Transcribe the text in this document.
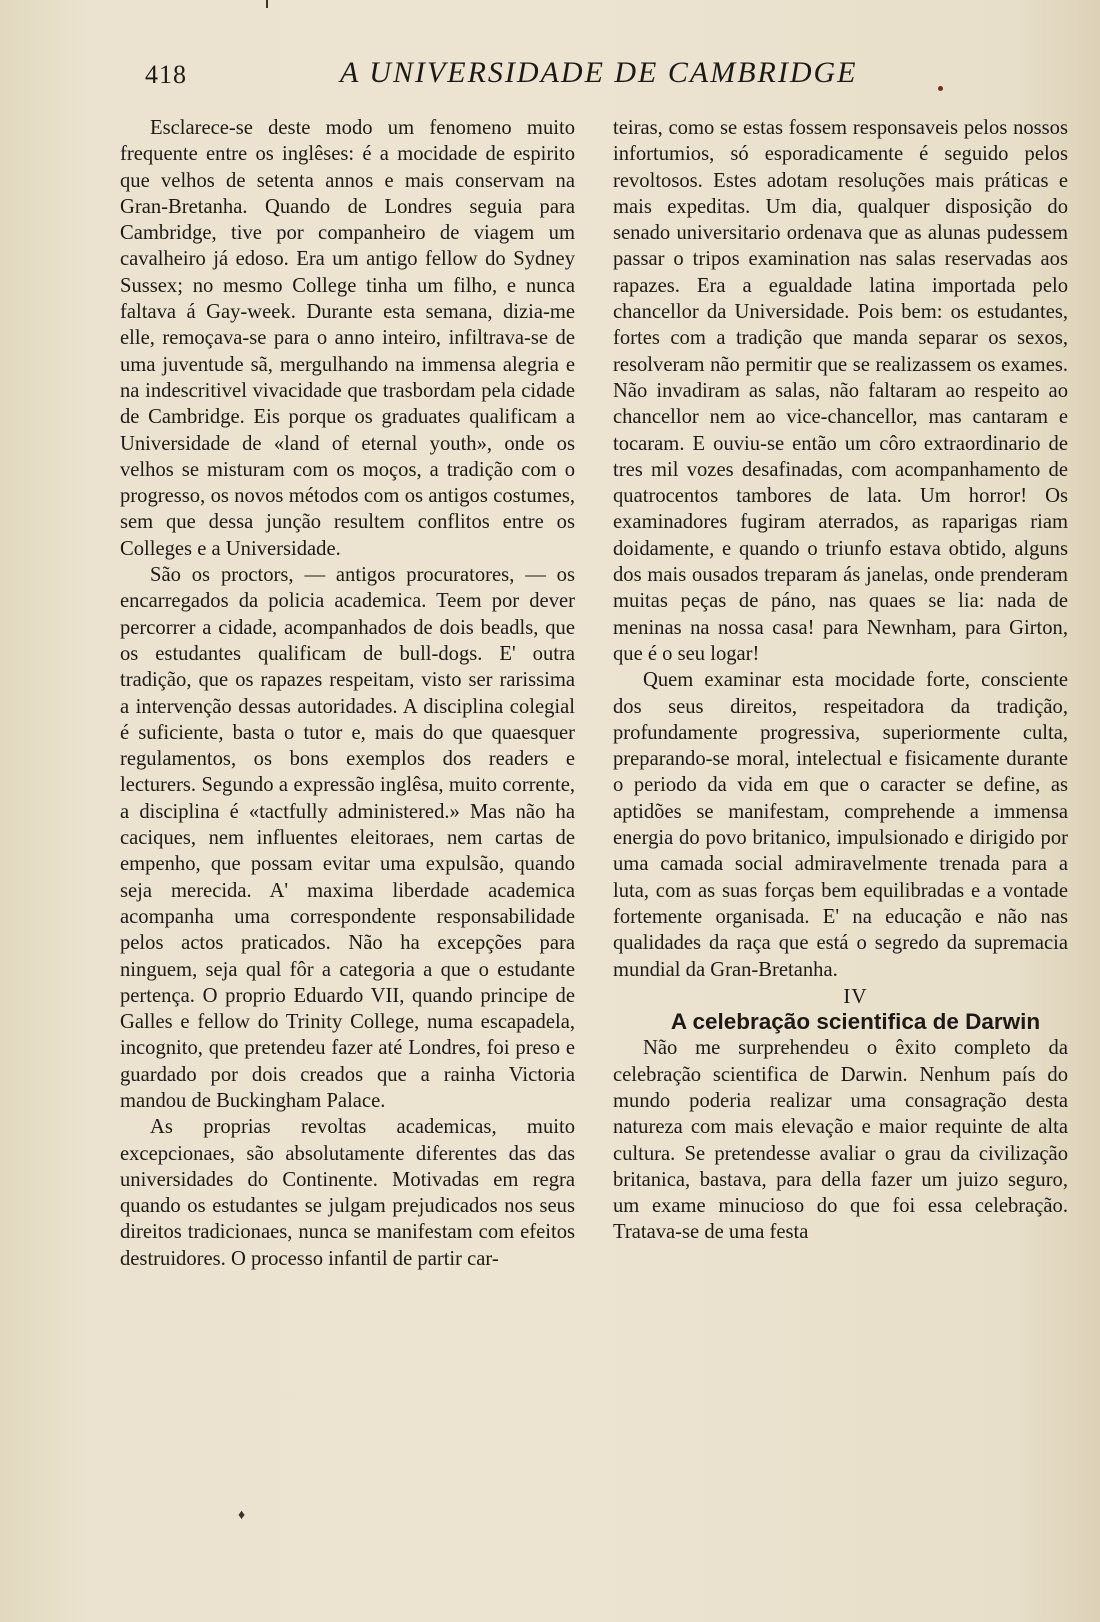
418	A UNIVERSIDADE DE CAMBRIDGE

Esclarece-se deste modo um fenomeno muito frequente entre os inglêses: é a mocidade de espirito que velhos de setenta annos e mais conservam na Gran-Bretanha. Quando de Londres seguia para Cambridge, tive por companheiro de viagem um cavalheiro já edoso. Era um antigo fellow do Sydney Sussex; no mesmo College tinha um filho, e nunca faltava á Gay-week. Durante esta semana, dizia-me elle, remoçava-se para o anno inteiro, infiltrava-se de uma juventude sã, mergulhando na immensa alegria e na indescritivel vivacidade que trasbordam pela cidade de Cambridge. Eis porque os graduates qualificam a Universidade de «land of eternal youth», onde os velhos se misturam com os moços, a tradição com o progresso, os novos métodos com os antigos costumes, sem que dessa junção resultem conflitos entre os Colleges e a Universidade.

São os proctors, — antigos procuratores, — os encarregados da policia academica. Teem por dever percorrer a cidade, acompanhados de dois beadls, que os estudantes qualificam de bull-dogs. E' outra tradição, que os rapazes respeitam, visto ser rarissima a intervenção dessas autoridades. A disciplina colegial é suficiente, basta o tutor e, mais do que quaesquer regulamentos, os bons exemplos dos readers e lecturers. Segundo a expressão inglêsa, muito corrente, a disciplina é «tactfully administered.» Mas não ha caciques, nem influentes eleitoraes, nem cartas de empenho, que possam evitar uma expulsão, quando seja merecida. A' maxima liberdade academica acompanha uma correspondente responsabilidade pelos actos praticados. Não ha excepções para ninguem, seja qual fôr a categoria a que o estudante pertença. O proprio Eduardo VII, quando principe de Galles e fellow do Trinity College, numa escapadela, incognito, que pretendeu fazer até Londres, foi preso e guardado por dois creados que a rainha Victoria mandou de Buckingham Palace.

As proprias revoltas academicas, muito excepcionaes, são absolutamente diferentes das das universidades do Continente. Motivadas em regra quando os estudantes se julgam prejudicados nos seus direitos tradicionaes, nunca se manifestam com efeitos destruidores. O processo infantil de partir car-

teiras, como se estas fossem responsaveis pelos nossos infortumios, só esporadicamente é seguido pelos revoltosos. Estes adotam resoluções mais práticas e mais expeditas. Um dia, qualquer disposição do senado universitario ordenava que as alunas pudessem passar o tripos examination nas salas reservadas aos rapazes. Era a egualdade latina importada pelo chancellor da Universidade. Pois bem: os estudantes, fortes com a tradição que manda separar os sexos, resolveram não permitir que se realizassem os exames. Não invadiram as salas, não faltaram ao respeito ao chancellor nem ao vice-chancellor, mas cantaram e tocaram. E ouviu-se então um côro extraordinario de tres mil vozes desafinadas, com acompanhamento de quatrocentos tambores de lata. Um horror! Os examinadores fugiram aterrados, as raparigas riam doidamente, e quando o triunfo estava obtido, alguns dos mais ousados treparam ás janelas, onde prenderam muitas peças de páno, nas quaes se lia: nada de meninas na nossa casa! para Newnham, para Girton, que é o seu logar!

Quem examinar esta mocidade forte, consciente dos seus direitos, respeitadora da tradição, profundamente progressiva, superiormente culta, preparando-se moral, intelectual e fisicamente durante o periodo da vida em que o caracter se define, as aptidões se manifestam, comprehende a immensa energia do povo britanico, impulsionado e dirigido por uma camada social admiravelmente trenada para a luta, com as suas forças bem equilibradas e a vontade fortemente organisada. E' na educação e não nas qualidades da raça que está o segredo da supremacia mundial da Gran-Bretanha.

IV

A celebração scientifica de Darwin

Não me surprehendeu o êxito completo da celebração scientifica de Darwin. Nenhum país do mundo poderia realizar uma consagração desta natureza com mais elevação e maior requinte de alta cultura. Se pretendesse avaliar o grau da civilização britanica, bastava, para della fazer um juizo seguro, um exame minucioso do que foi essa celebração. Tratava-se de uma festa

♦
